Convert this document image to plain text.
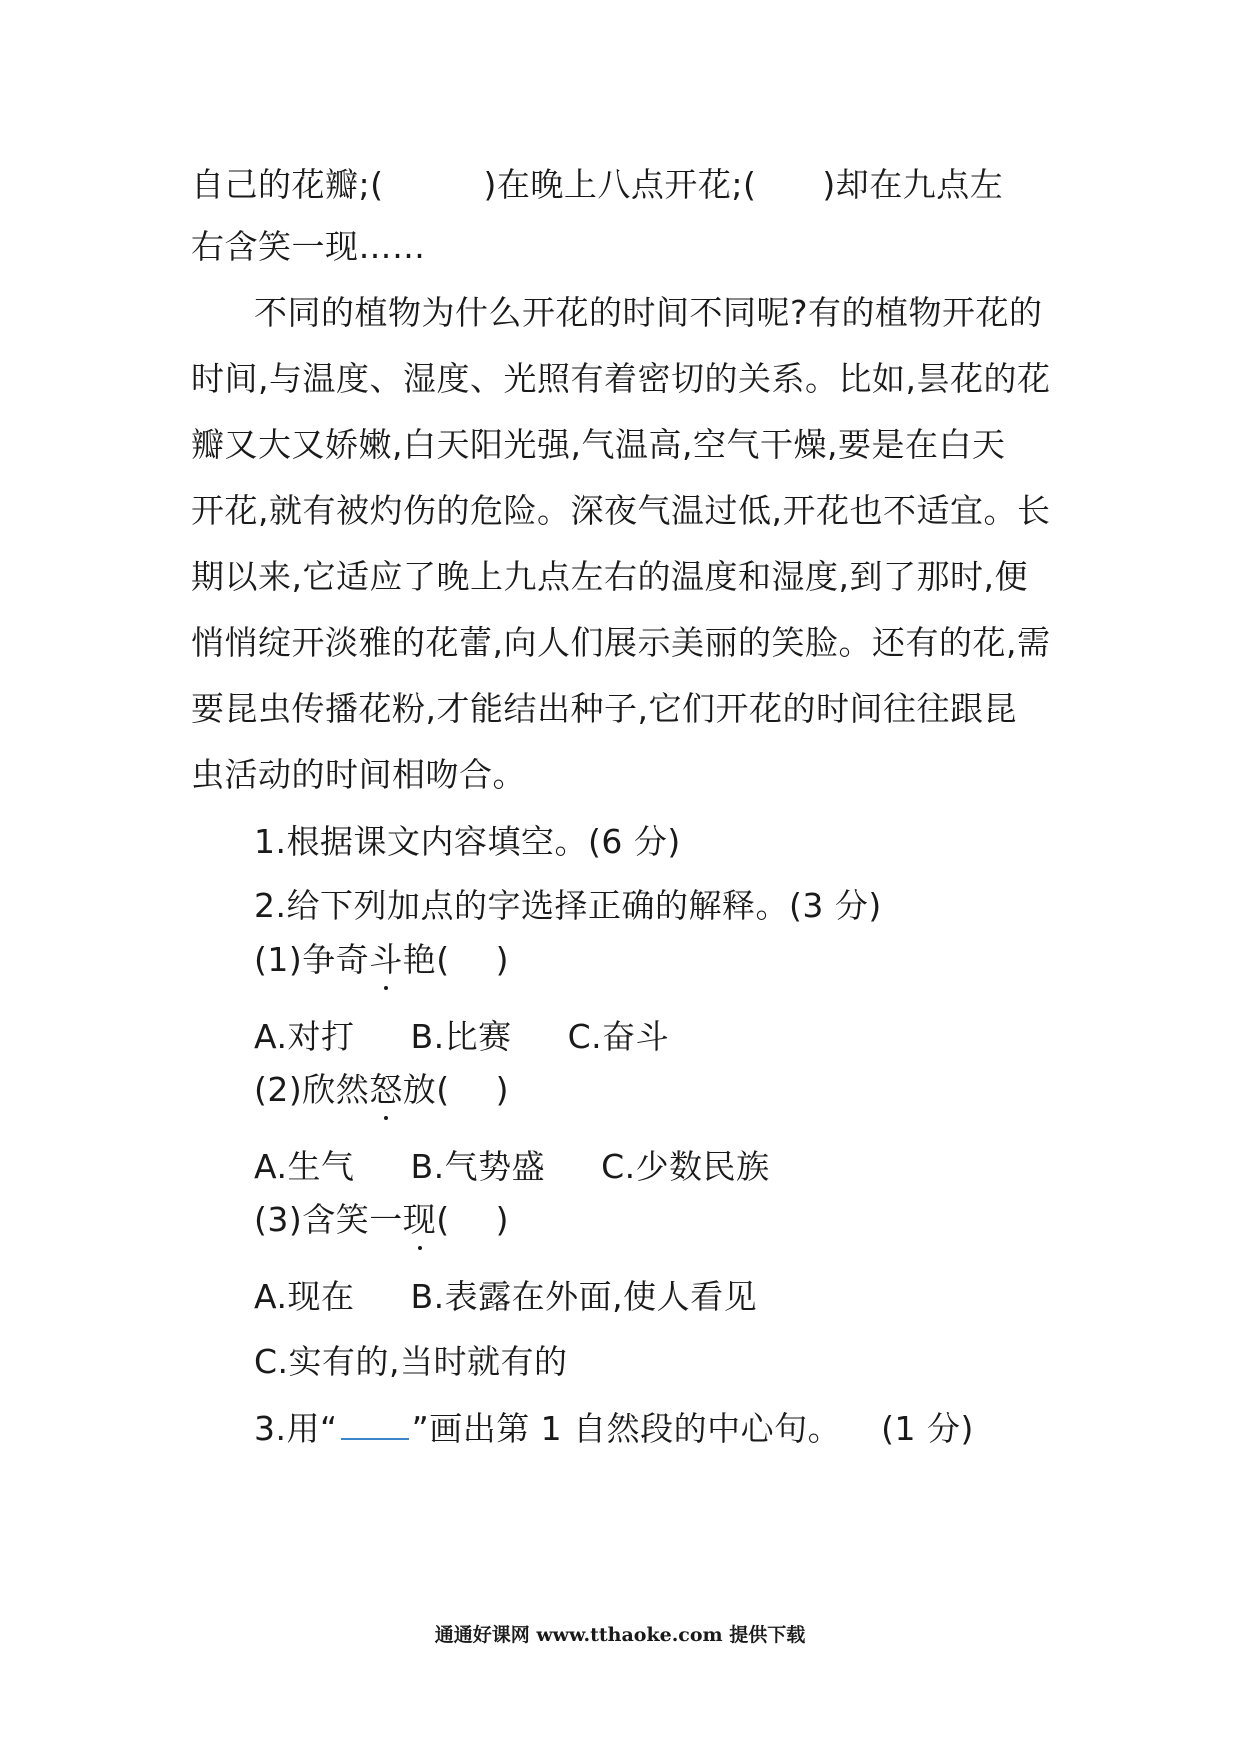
自己的花瓣;(	)在晚上八点开花;( )却在九点左
右含笑一现……
不同的植物为什么开花的时间不同呢?有的植物开花的
时间,与温度、湿度、光照有着密切的关系。比如,昙花的花
瓣又大又娇嫩,白天阳光强,气温高,空气干燥,要是在白天
开花,就有被灼伤的危险。深夜气温过低,开花也不适宜。长
期以来,它适应了晚上九点左右的温度和湿度,到了那时,便
悄悄绽开淡雅的花蕾,向人们展示美丽的笑脸。还有的花,需
要昆虫传播花粉,才能结出种子,它们开花的时间往往跟昆
虫活动的时间相吻合。
1.根据课文内容填空。(6 分)
2.给下列加点的字选择正确的解释。(3 分)
(1)争奇斗艳( )
A.对打 B.比赛 C.奋斗
(2)欣然怒放( )
A.生气 B.气势盛 C.少数民族
(3)含笑一现( )
A.现在 B.表露在外面,使人看见
C.实有的,当时就有的
3.用“ ”画出第 1 自然段的中心句。 (1 分)
通通好课网 www.tthaoke.com 提供下载
